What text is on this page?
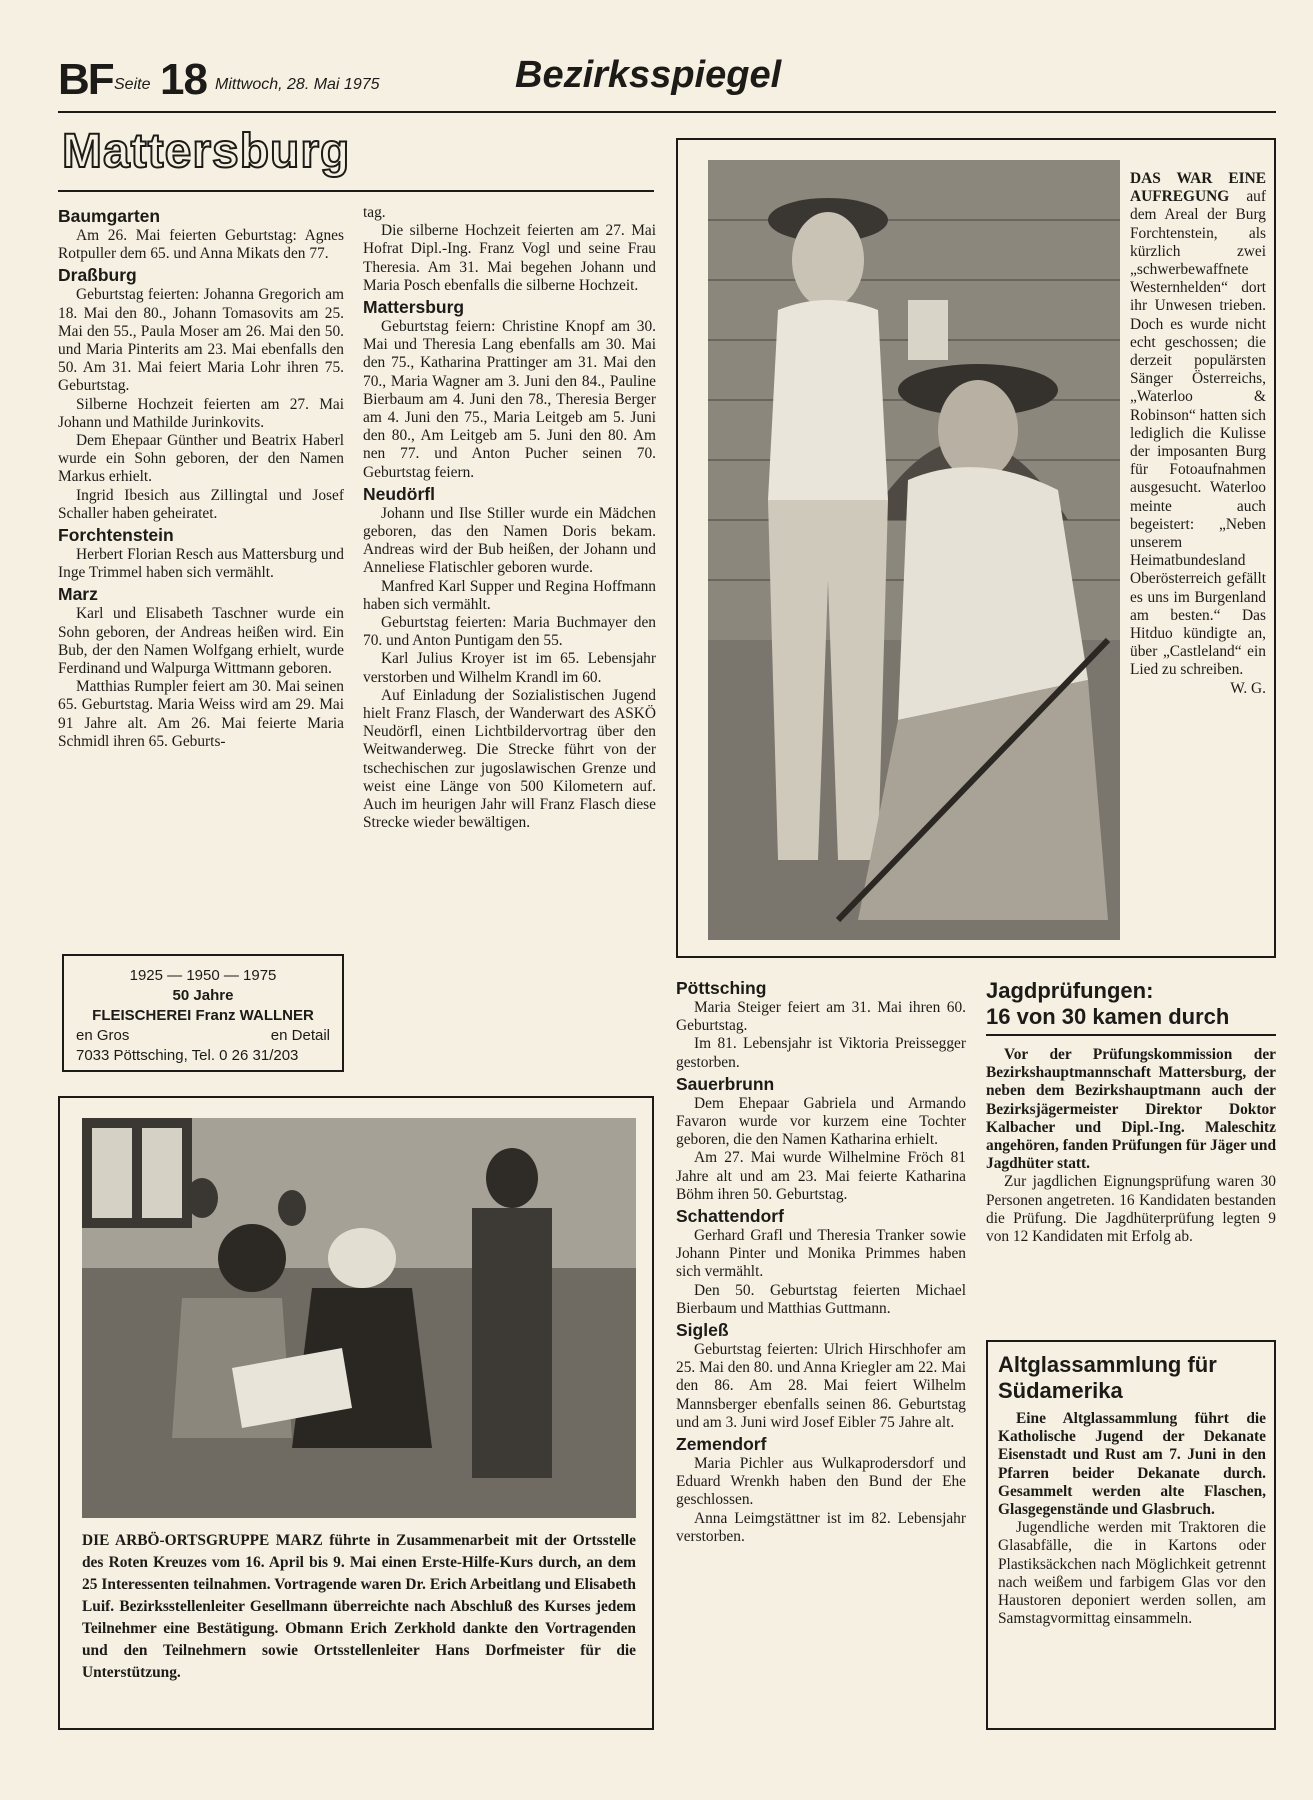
BF Seite 18 Mittwoch, 28. Mai 1975	Bezirksspiegel
Mattersburg
Baumgarten

Am 26. Mai feierten Geburtstag: Agnes Rotpuller dem 65. und Anna Mikats den 77.

Draßburg

Geburtstag feierten: Johanna Gregorich am 18. Mai den 80., Johann Tomasovits am 25. Mai den 55., Paula Moser am 26. Mai den 50. und Maria Pinterits am 23. Mai ebenfalls den 50. Am 31. Mai feiert Maria Lohr ihren 75. Geburtstag.

Silberne Hochzeit feierten am 27. Mai Johann und Mathilde Jurinkovits.

Dem Ehepaar Günther und Beatrix Haberl wurde ein Sohn geboren, der den Namen Markus erhielt.

Ingrid Ibesich aus Zillingtal und Josef Schaller haben geheiratet.

Forchtenstein

Herbert Florian Resch aus Mattersburg und Inge Trimmel haben sich vermählt.

Marz

Karl und Elisabeth Taschner wurde ein Sohn geboren, der Andreas heißen wird. Ein Bub, der den Namen Wolfgang erhielt, wurde Ferdinand und Walpurga Wittmann geboren.

Matthias Rumpler feiert am 30. Mai seinen 65. Geburtstag. Maria Weiss wird am 29. Mai 91 Jahre alt. Am 26. Mai feierte Maria Schmidl ihren 65. Geburts-

1925 — 1950 — 1975
50 Jahre
FLEISCHEREI Franz WALLNER
en Gros	en Detail
7033 Pöttsching, Tel. 0 26 31/203

tag.

Die silberne Hochzeit feierten am 27. Mai Hofrat Dipl.-Ing. Franz Vogl und seine Frau Theresia. Am 31. Mai begehen Johann und Maria Posch ebenfalls die silberne Hochzeit.

Mattersburg

Geburtstag feiern: Christine Knopf am 30. Mai und Theresia Lang ebenfalls am 30. Mai den 75., Katharina Prattinger am 31. Mai den 70., Maria Wagner am 3. Juni den 84., Pauline Bierbaum am 4. Juni den 78., Theresia Berger am 4. Juni den 75., Maria Leitgeb am 5. Juni den 80., Am Leitgeb am 5. Juni den 80. Am nen 77. und Anton Pucher seinen 70. Geburtstag feiern.

Neudörfl

Johann und Ilse Stiller wurde ein Mädchen geboren, das den Namen Doris bekam. Andreas wird der Bub heißen, der Johann und Anneliese Flatischler geboren wurde.

Manfred Karl Supper und Regina Hoffmann haben sich vermählt.

Geburtstag feierten: Maria Buchmayer den 70. und Anton Puntigam den 55.

Karl Julius Kroyer ist im 65. Lebensjahr verstorben und Wilhelm Krandl im 60.

Auf Einladung der Sozialistischen Jugend hielt Franz Flasch, der Wanderwart des ASKÖ Neudörfl, einen Lichtbildervortrag über den Weitwanderweg. Die Strecke führt von der tschechischen zur jugoslawischen Grenze und weist eine Länge von 500 Kilometern auf. Auch im heurigen Jahr will Franz Flasch diese Strecke wieder bewältigen.

DAS WAR EINE AUFREGUNG auf dem Areal der Burg Forchtenstein, als kürzlich zwei „schwerbewaffnete Westernhelden“ dort ihr Unwesen trieben. Doch es wurde nicht echt geschossen; die derzeit populärsten Sänger Österreichs, „Waterloo & Robinson“ hatten sich lediglich die Kulisse der imposanten Burg für Fotoaufnahmen ausgesucht. Waterloo meinte auch begeistert: „Neben unserem Heimatbundesland Oberösterreich gefällt es uns im Burgenland am besten.“ Das Hitduo kündigte an, über „Castleland“ ein Lied zu schreiben.

W. G.

Pöttsching

Maria Steiger feiert am 31. Mai ihren 60. Geburtstag.

Im 81. Lebensjahr ist Viktoria Preissegger gestorben.

Sauerbrunn

Dem Ehepaar Gabriela und Armando Favaron wurde vor kurzem eine Tochter geboren, die den Namen Katharina erhielt.

Am 27. Mai wurde Wilhelmine Fröch 81 Jahre alt und am 23. Mai feierte Katharina Böhm ihren 50. Geburtstag.

Schattendorf

Gerhard Grafl und Theresia Tranker sowie Johann Pinter und Monika Primmes haben sich vermählt.

Den 50. Geburtstag feierten Michael Bierbaum und Matthias Guttmann.

Sigleß

Geburtstag feierten: Ulrich Hirschhofer am 25. Mai den 80. und Anna Kriegler am 22. Mai den 86. Am 28. Mai feiert Wilhelm Mannsberger ebenfalls seinen 86. Geburtstag und am 3. Juni wird Josef Eibler 75 Jahre alt.

Zemendorf

Maria Pichler aus Wulkaprodersdorf und Eduard Wrenkh haben den Bund der Ehe geschlossen.

Anna Leimgstättner ist im 82. Lebensjahr verstorben.

Jagdprüfungen:
16 von 30 kamen durch

Vor der Prüfungskommission der Bezirkshauptmannschaft Mattersburg, der neben dem Bezirkshauptmann auch der Bezirksjägermeister Direktor Doktor Kalbacher und Dipl.-Ing. Maleschitz angehören, fanden Prüfungen für Jäger und Jagdhüter statt.

Zur jagdlichen Eignungsprüfung waren 30 Personen angetreten. 16 Kandidaten bestanden die Prüfung. Die Jagdhüterprüfung legten 9 von 12 Kandidaten mit Erfolg ab.

Altglassammlung für
Südamerika

Eine Altglassammlung führt die Katholische Jugend der Dekanate Eisenstadt und Rust am 7. Juni in den Pfarren beider Dekanate durch. Gesammelt werden alte Flaschen, Glasgegenstände und Glasbruch.

Jugendliche werden mit Traktoren die Glasabfälle, die in Kartons oder Plastiksäckchen nach Möglichkeit getrennt nach weißem und farbigem Glas vor den Haustoren deponiert werden sollen, am Samstagvormittag einsammeln.

DIE ARBÖ-ORTSGRUPPE MARZ führte in Zusammenarbeit mit der Ortsstelle des Roten Kreuzes vom 16. April bis 9. Mai einen Erste-Hilfe-Kurs durch, an dem 25 Interessenten teilnahmen. Vortragende waren Dr. Erich Arbeitlang und Elisabeth Luif. Bezirksstellenleiter Gesellmann überreichte nach Abschluß des Kurses jedem Teilnehmer eine Bestätigung. Obmann Erich Zerkhold dankte den Vortragenden und den Teilnehmern sowie Ortsstellenleiter Hans Dorfmeister für die Unterstützung.
